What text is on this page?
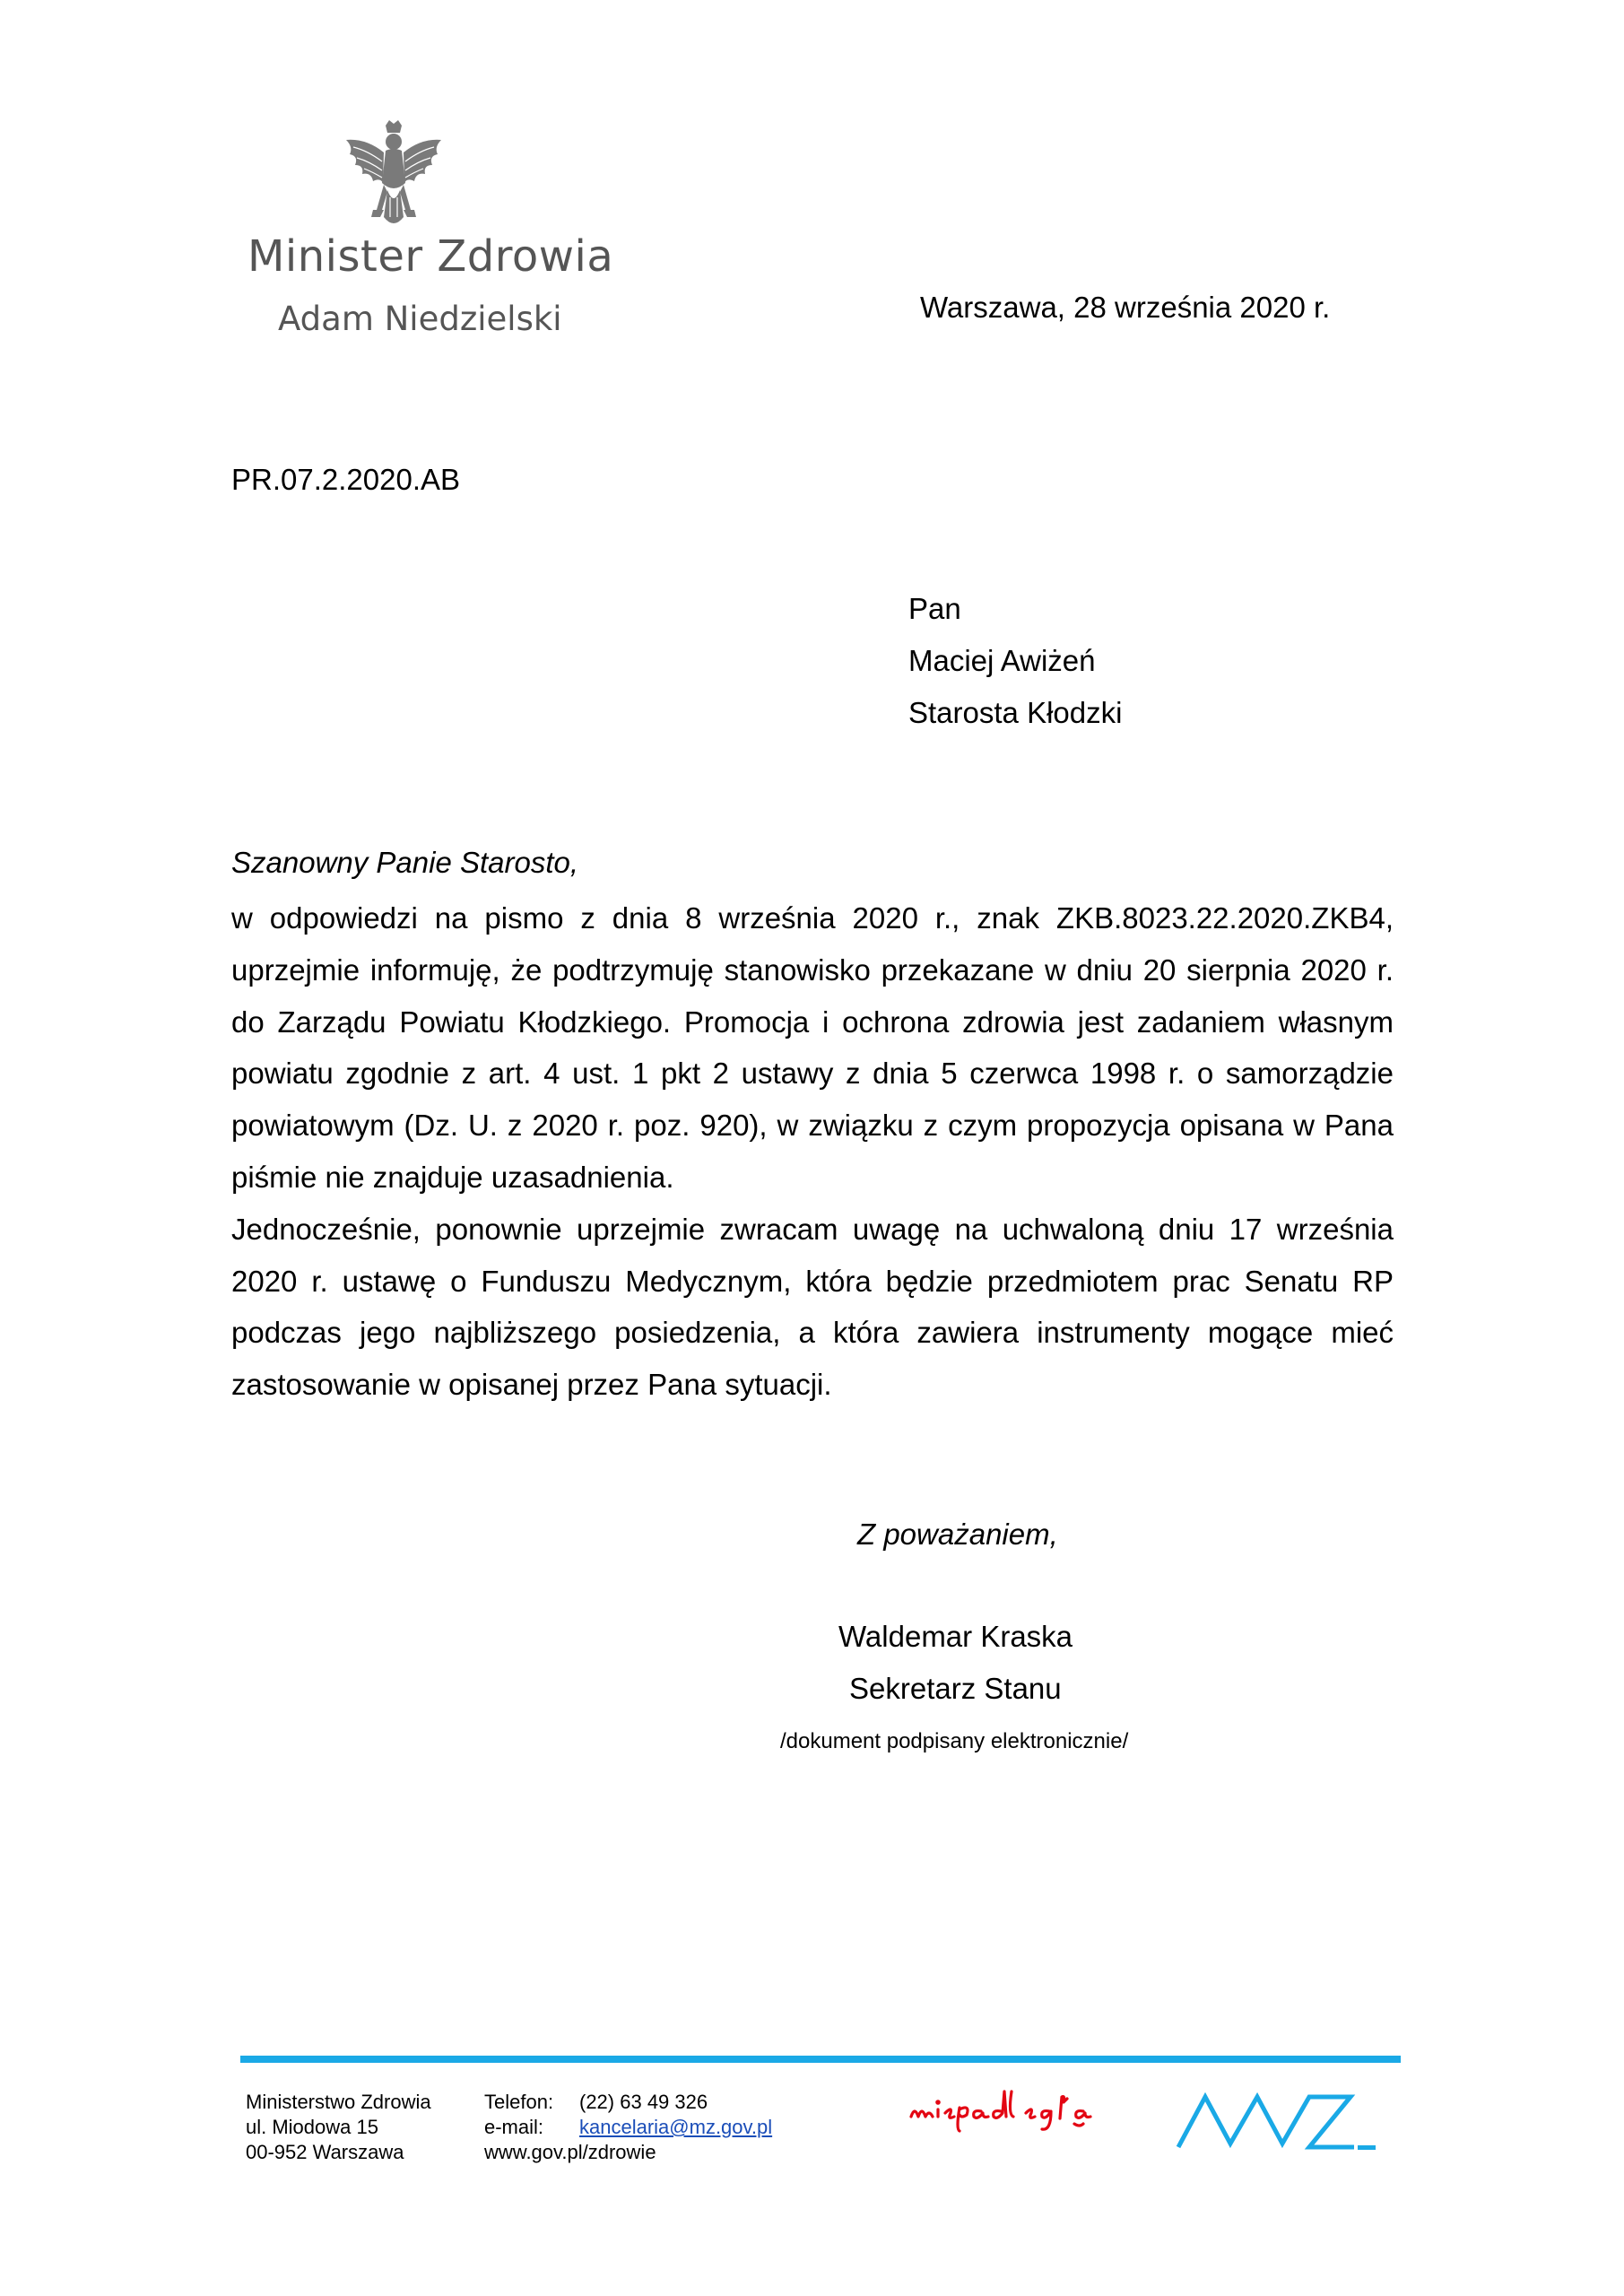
Minister Zdrowia
Adam Niedzielski	Warszawa, 28 września 2020 r.
PR.07.2.2020.AB
Pan
Maciej Awiżeń
Starosta Kłodzki
Szanowny Panie Starosto,

w odpowiedzi na pismo z dnia 8 września 2020 r., znak ZKB.8023.22.2020.ZKB4, uprzejmie informuję, że podtrzymuję stanowisko przekazane w dniu 20 sierpnia 2020 r. do Zarządu Powiatu Kłodzkiego. Promocja i ochrona zdrowia jest zadaniem własnym powiatu zgodnie z art. 4 ust. 1 pkt 2 ustawy z dnia 5 czerwca 1998 r. o samorządzie powiatowym (Dz. U. z 2020 r. poz. 920), w związku z czym propozycja opisana w Pana piśmie nie znajduje uzasadnienia.

Jednocześnie, ponownie uprzejmie zwracam uwagę na uchwaloną dniu 17 września 2020 r. ustawę o Funduszu Medycznym, która będzie przedmiotem prac Senatu RP podczas jego najbliższego posiedzenia, a która zawiera instrumenty mogące mieć zastosowanie w opisanej przez Pana sytuacji.

Z poważaniem,
Waldemar Kraska
Sekretarz Stanu
/dokument podpisany elektronicznie/
Ministerstwo Zdrowia
ul. Miodowa 15
00-952 Warszawa
Telefon:
e-mail:
www.gov.pl/zdrowie
(22) 63 49 326
kancelaria@mz.gov.pl
